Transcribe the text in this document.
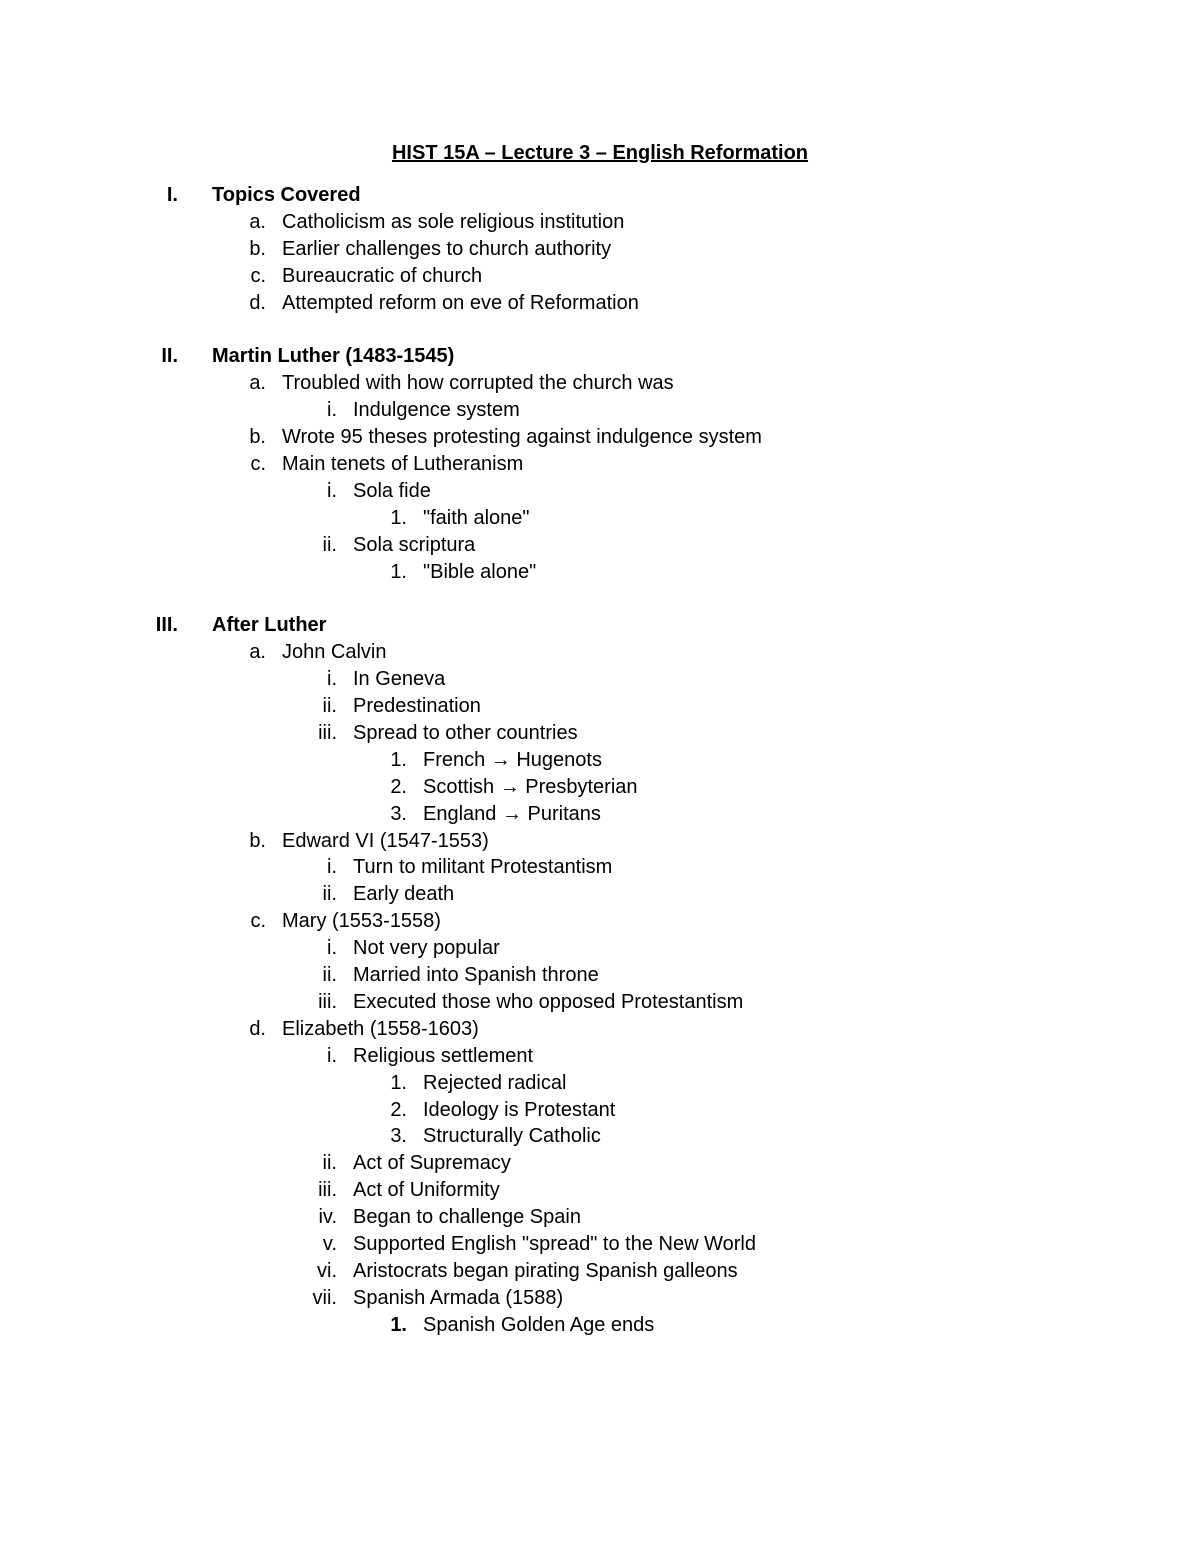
HIST 15A – Lecture 3 – English Reformation
I. Topics Covered
a. Catholicism as sole religious institution
b. Earlier challenges to church authority
c. Bureaucratic of church
d. Attempted reform on eve of Reformation
II. Martin Luther (1483-1545)
a. Troubled with how corrupted the church was
i. Indulgence system
b. Wrote 95 theses protesting against indulgence system
c. Main tenets of Lutheranism
i. Sola fide
1. "faith alone"
ii. Sola scriptura
1. "Bible alone"
III. After Luther
a. John Calvin
i. In Geneva
ii. Predestination
iii. Spread to other countries
1. French → Hugenots
2. Scottish → Presbyterian
3. England → Puritans
b. Edward VI (1547-1553)
i. Turn to militant Protestantism
ii. Early death
c. Mary (1553-1558)
i. Not very popular
ii. Married into Spanish throne
iii. Executed those who opposed Protestantism
d. Elizabeth (1558-1603)
i. Religious settlement
1. Rejected radical
2. Ideology is Protestant
3. Structurally Catholic
ii. Act of Supremacy
iii. Act of Uniformity
iv. Began to challenge Spain
v. Supported English "spread" to the New World
vi. Aristocrats began pirating Spanish galleons
vii. Spanish Armada (1588)
1. Spanish Golden Age ends
